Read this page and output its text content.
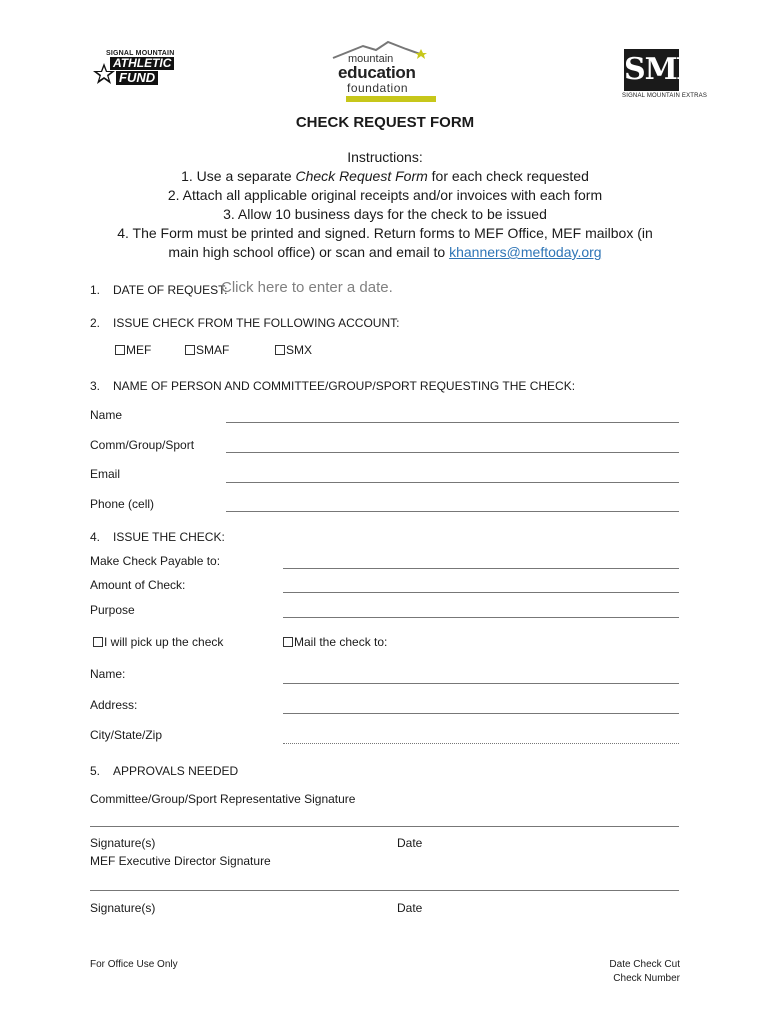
SIGNAL MOUNTAIN
ATHLETIC
FUND
mountain
education
foundation
SMX
SIGNAL MOUNTAIN EXTRAS
CHECK REQUEST FORM
Instructions:
1. Use a separate Check Request Form for each check requested
2. Attach all applicable original receipts and/or invoices with each form
3. Allow 10 business days for the check to be issued
4. The Form must be printed and signed. Return forms to MEF Office, MEF mailbox (in
main high school office) or scan and email to khanners@meftoday.org
1. DATE OF REQUEST:
Click here to enter a date.
2. ISSUE CHECK FROM THE FOLLOWING ACCOUNT:
MEF	SMAF	SMX
3. NAME OF PERSON AND COMMITTEE/GROUP/SPORT REQUESTING THE CHECK:
Name
Comm/Group/Sport
Email
Phone (cell)
4. ISSUE THE CHECK:
Make Check Payable to:
Amount of Check:
Purpose
I will pick up the check	Mail the check to:
Name:
Address:
City/State/Zip
5. APPROVALS NEEDED
Committee/Group/Sport Representative Signature
Signature(s)	Date
MEF Executive Director Signature
Signature(s)	Date
For Office Use Only	Date Check Cut
Check Number
